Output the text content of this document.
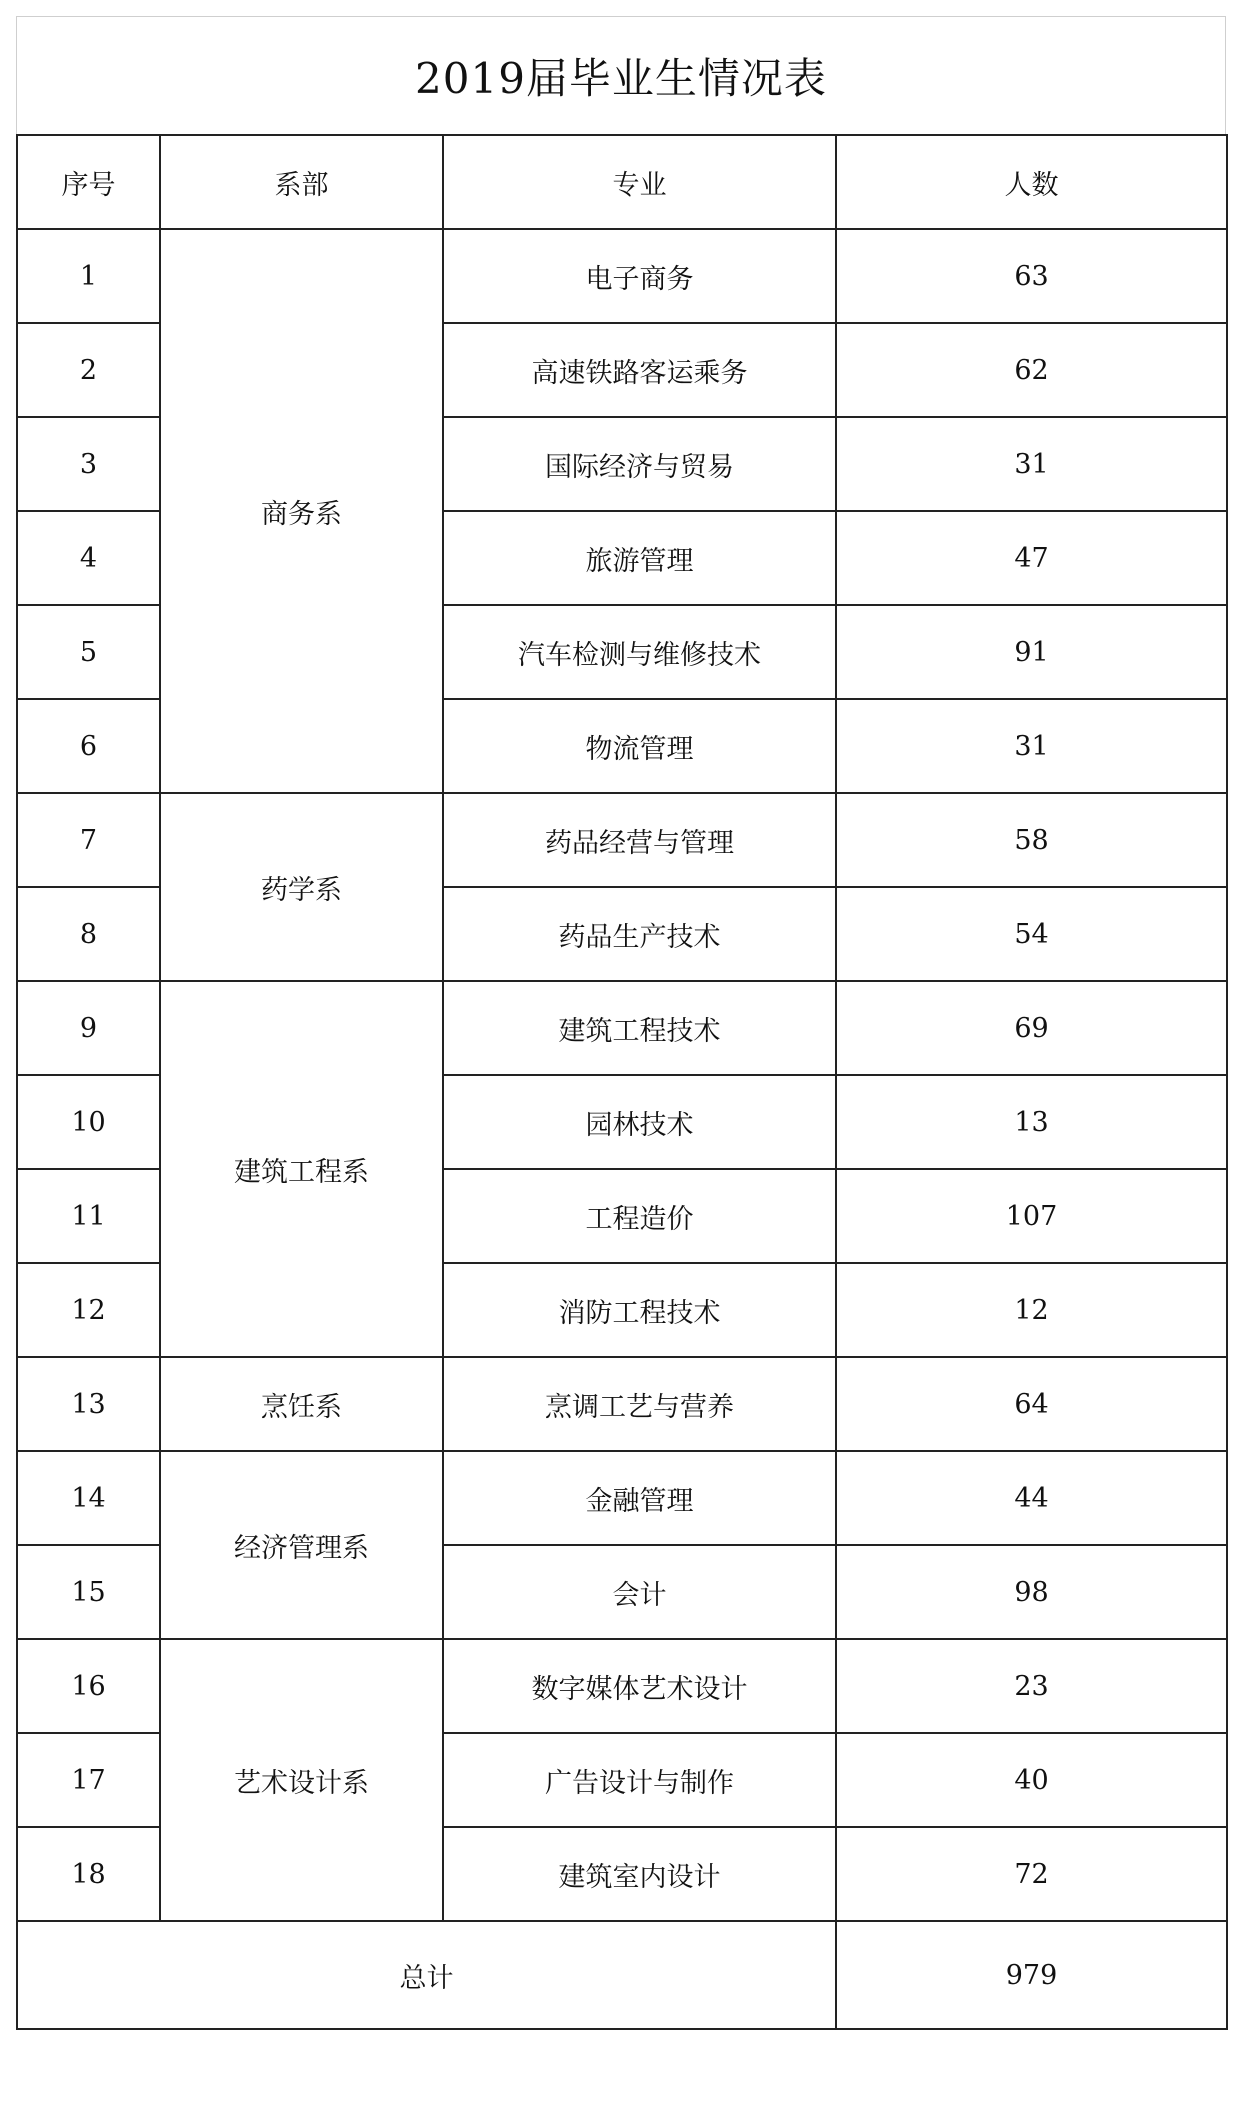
2019届毕业生情况表
序号	系部	专业	人数
1	商务系	电子商务	63
2		高速铁路客运乘务	62
3		国际经济与贸易	31
4		旅游管理	47
5		汽车检测与维修技术	91
6		物流管理	31
7	药学系	药品经营与管理	58
8		药品生产技术	54
9	建筑工程系	建筑工程技术	69
10		园林技术	13
11		工程造价	107
12		消防工程技术	12
13	烹饪系	烹调工艺与营养	64
14	经济管理系	金融管理	44
15		会计	98
16	艺术设计系	数字媒体艺术设计	23
17		广告设计与制作	40
18		建筑室内设计	72
总计			979
